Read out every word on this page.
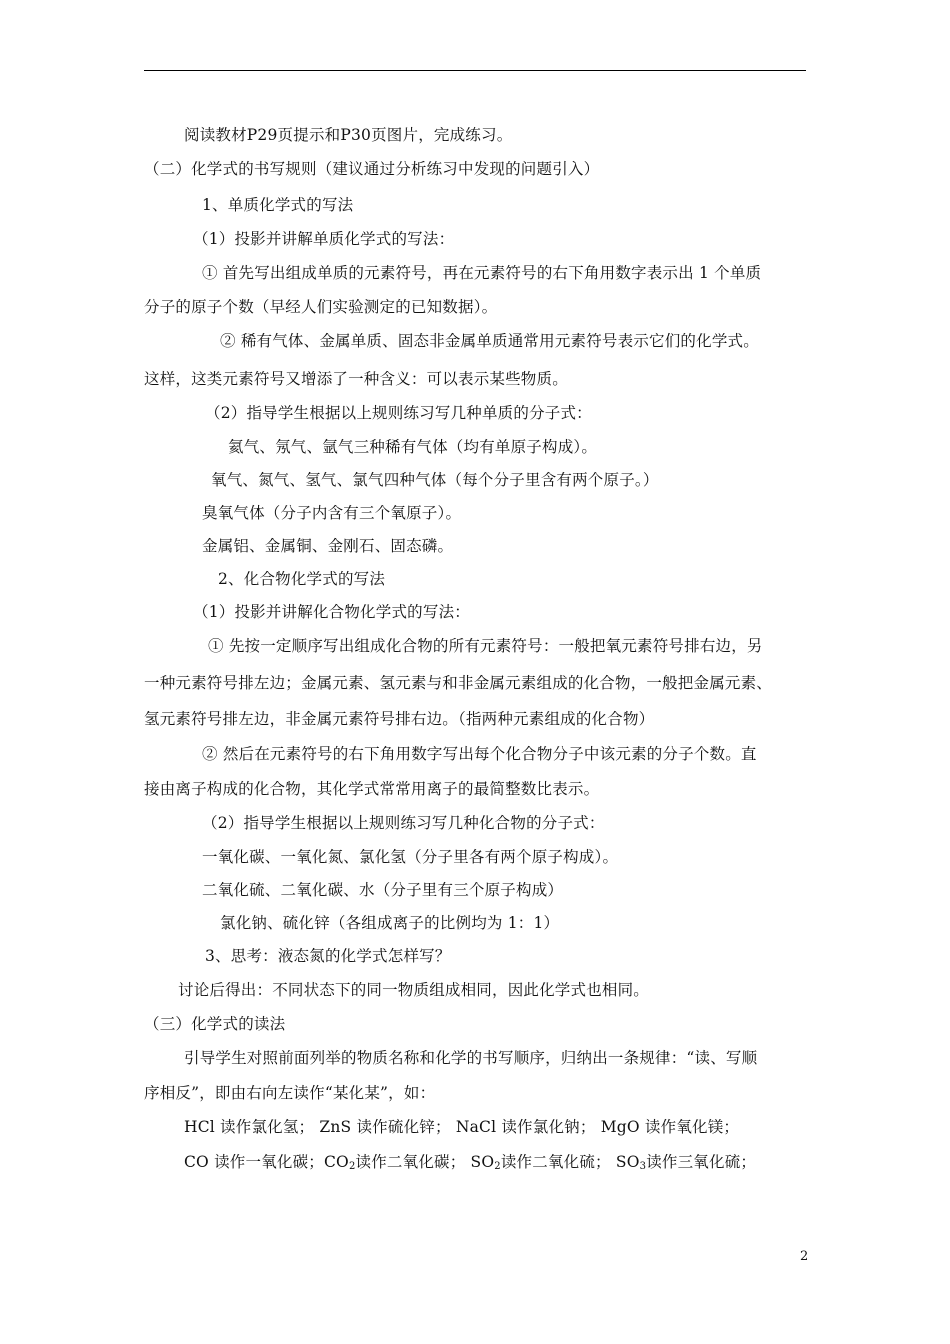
阅读教材P29页提示和P30页图片，完成练习。
（二）化学式的书写规则（建议通过分析练习中发现的问题引入）
1、单质化学式的写法
（1）投影并讲解单质化学式的写法：
① 首先写出组成单质的元素符号，再在元素符号的右下角用数字表示出 1 个单质
分子的原子个数（早经人们实验测定的已知数据）。
② 稀有气体、金属单质、固态非金属单质通常用元素符号表示它们的化学式。
这样，这类元素符号又增添了一种含义：可以表示某些物质。
（2）指导学生根据以上规则练习写几种单质的分子式：
氦气、氖气、氩气三种稀有气体（均有单原子构成）。
氧气、氮气、氢气、氯气四种气体（每个分子里含有两个原子。）
臭氧气体（分子内含有三个氧原子）。
金属铝、金属铜、金刚石、固态磷。
2、化合物化学式的写法
（1）投影并讲解化合物化学式的写法：
① 先按一定顺序写出组成化合物的所有元素符号：一般把氧元素符号排右边，另
一种元素符号排左边；金属元素、氢元素与和非金属元素组成的化合物，一般把金属元素、
氢元素符号排左边，非金属元素符号排右边。（指两种元素组成的化合物）
② 然后在元素符号的右下角用数字写出每个化合物分子中该元素的分子个数。直
接由离子构成的化合物，其化学式常常用离子的最简整数比表示。
（2）指导学生根据以上规则练习写几种化合物的分子式：
一氧化碳、一氧化氮、氯化氢（分子里各有两个原子构成）。
二氧化硫、二氧化碳、水（分子里有三个原子构成）
氯化钠、硫化锌（各组成离子的比例均为 1：1）
3、思考：液态氮的化学式怎样写？
讨论后得出：不同状态下的同一物质组成相同，因此化学式也相同。
（三）化学式的读法
引导学生对照前面列举的物质名称和化学的书写顺序，归纳出一条规律：“读、写顺
序相反”，即由右向左读作“某化某”，如：
HCl 读作氯化氢； ZnS 读作硫化锌； NaCl 读作氯化钠； MgO 读作氧化镁；
CO 读作一氧化碳；$CO_2$读作二氧化碳； $SO_2$读作二氧化硫； $SO_3$读作三氧化硫；
2
